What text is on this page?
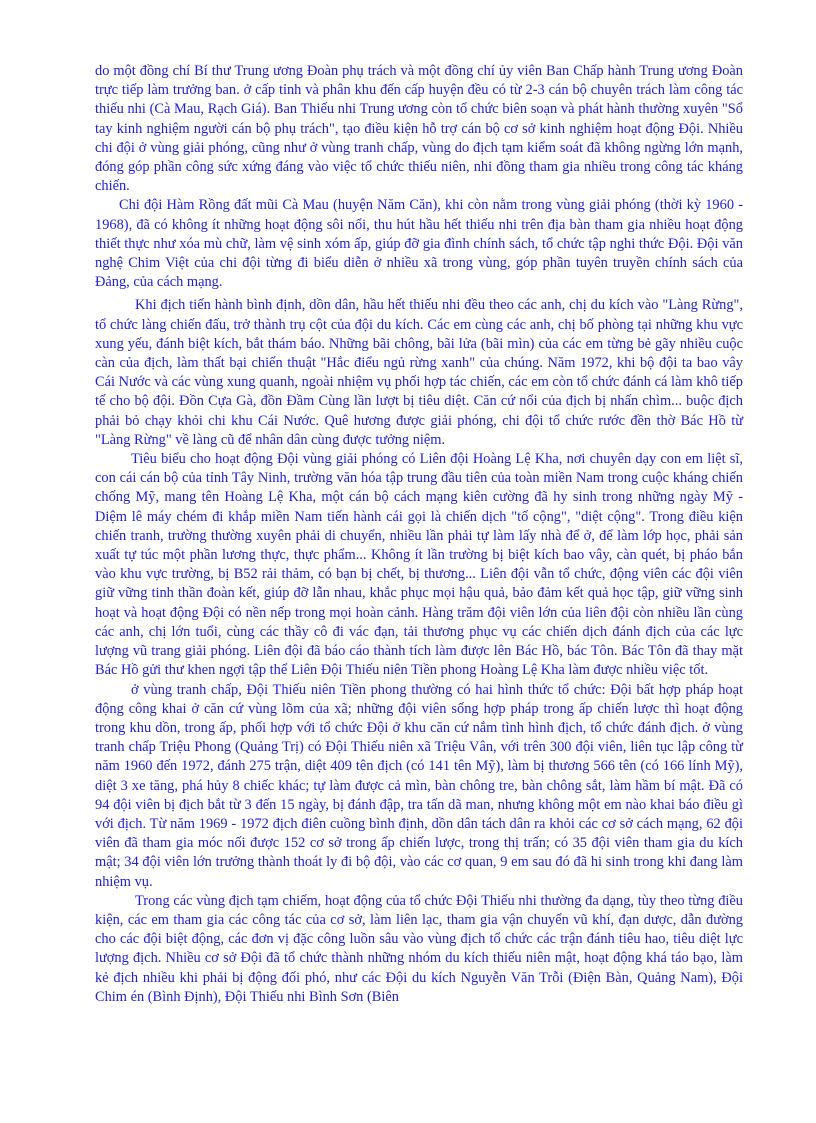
do một đồng chí Bí thư Trung ương Đoàn phụ trách và một đồng chí ủy viên Ban Chấp hành Trung ương Đoàn trực tiếp làm trưởng ban. ở cấp tỉnh và phân khu đến cấp huyện đều có từ 2-3 cán bộ chuyên trách làm công tác thiếu nhi (Cà Mau, Rạch Giá). Ban Thiếu nhi Trung ương còn tổ chức biên soạn và phát hành thường xuyên "Sổ tay kinh nghiệm người cán bộ phụ trách", tạo điều kiện hỗ trợ cán bộ cơ sở kinh nghiệm hoạt động Đội. Nhiều chi đội ở vùng giải phóng, cũng như ở vùng tranh chấp, vùng do địch tạm kiểm soát đã không ngừng lớn mạnh, đóng góp phần công sức xứng đáng vào việc tổ chức thiếu niên, nhi đồng tham gia nhiều trong công tác kháng chiến.

Chi đội Hàm Rồng đất mũi Cà Mau (huyện Năm Căn), khi còn nằm trong vùng giải phóng (thời kỳ 1960 - 1968), đã có không ít những hoạt động sôi nổi, thu hút hầu hết thiếu nhi trên địa bàn tham gia nhiều hoạt động thiết thực như xóa mù chữ, làm vệ sinh xóm ấp, giúp đỡ gia đình chính sách, tổ chức tập nghi thức Đội. Đội văn nghệ Chim Việt của chi đội từng đi biểu diễn ở nhiều xã trong vùng, góp phần tuyên truyền chính sách của Đảng, của cách mạng.

Khi địch tiến hành bình định, dồn dân, hầu hết thiếu nhi đều theo các anh, chị du kích vào "Làng Rừng", tổ chức làng chiến đấu, trở thành trụ cột của đội du kích. Các em cùng các anh, chị bố phòng tại những khu vực xung yếu, đánh biệt kích, bắt thám báo. Những bãi chông, bãi lửa (bãi mìn) của các em từng bẻ gãy nhiều cuộc càn của địch, làm thất bại chiến thuật "Hắc điểu ngủ rừng xanh" của chúng. Năm 1972, khi bộ đội ta bao vây Cái Nước và các vùng xung quanh, ngoài nhiệm vụ phối hợp tác chiến, các em còn tổ chức đánh cá làm khô tiếp tế cho bộ đội. Đồn Cựa Gà, đồn Đầm Cùng lần lượt bị tiêu diệt. Căn cứ nổi của địch bị nhấn chìm... buộc địch phải bỏ chạy khỏi chi khu Cái Nước. Quê hương được giải phóng, chi đội tổ chức rước đền thờ Bác Hồ từ "Làng Rừng" về làng cũ để nhân dân cùng được tưởng niệm.

Tiêu biểu cho hoạt động Đội vùng giải phóng có Liên đội Hoàng Lệ Kha, nơi chuyên dạy con em liệt sĩ, con cái cán bộ của tỉnh Tây Ninh, trường văn hóa tập trung đầu tiên của toàn miền Nam trong cuộc kháng chiến chống Mỹ, mang tên Hoàng Lệ Kha, một cán bộ cách mạng kiên cường đã hy sinh trong những ngày Mỹ - Diệm lê máy chém đi khắp miền Nam tiến hành cái gọi là chiến dịch "tố cộng", "diệt cộng". Trong điều kiện chiến tranh, trường thường xuyên phải di chuyển, nhiều lần phải tự làm lấy nhà để ở, để làm lớp học, phải sản xuất tự túc một phần lương thực, thực phẩm... Không ít lần trường bị biệt kích bao vây, càn quét, bị pháo bắn vào khu vực trường, bị B52 rải thảm, có bạn bị chết, bị thương... Liên đội vẫn tổ chức, động viên các đội viên giữ vững tinh thần đoàn kết, giúp đỡ lẫn nhau, khắc phục mọi hậu quả, bảo đảm kết quả học tập, giữ vững sinh hoạt và hoạt động Đội có nền nếp trong mọi hoàn cảnh. Hàng trăm đội viên lớn của liên đội còn nhiều lần cùng các anh, chị lớn tuổi, cùng các thầy cô đi vác đạn, tải thương phục vụ các chiến dịch đánh địch của các lực lượng vũ trang giải phóng. Liên đội đã báo cáo thành tích làm được lên Bác Hồ, bác Tôn. Bác Tôn đã thay mặt Bác Hồ gửi thư khen ngợi tập thể Liên Đội Thiếu niên Tiền phong Hoàng Lệ Kha làm được nhiều việc tốt.

ở vùng tranh chấp, Đội Thiếu niên Tiền phong thường có hai hình thức tổ chức: Đội bất hợp pháp hoạt động công khai ở căn cứ vùng lõm của xã; những đội viên sống hợp pháp trong ấp chiến lược thì hoạt động trong khu dồn, trong ấp, phối hợp với tổ chức Đội ở khu căn cứ nắm tình hình địch, tổ chức đánh địch. ở vùng tranh chấp Triệu Phong (Quảng Trị) có Đội Thiếu niên xã Triệu Vân, với trên 300 đội viên, liên tục lập công từ năm 1960 đến 1972, đánh 275 trận, diệt 409 tên địch (có 141 tên Mỹ), làm bị thương 566 tên (có 166 lính Mỹ), diệt 3 xe tăng, phá hủy 8 chiếc khác; tự làm được cả mìn, bàn chông tre, bàn chông sắt, làm hầm bí mật. Đã có 94 đội viên bị địch bắt từ 3 đến 15 ngày, bị đánh đập, tra tấn dã man, nhưng không một em nào khai báo điều gì với địch. Từ năm 1969 - 1972 địch điên cuồng bình định, dồn dân tách dân ra khỏi các cơ sở cách mạng, 62 đội viên đã tham gia móc nối được 152 cơ sở trong ấp chiến lược, trong thị trấn; có 35 đội viên tham gia du kích mật; 34 đội viên lớn trưởng thành thoát ly đi bộ đội, vào các cơ quan, 9 em sau đó đã hi sinh trong khi đang làm nhiệm vụ.

Trong các vùng địch tạm chiếm, hoạt động của tổ chức Đội Thiếu nhi thường đa dạng, tùy theo từng điều kiện, các em tham gia các công tác của cơ sở, làm liên lạc, tham gia vận chuyển vũ khí, đạn dược, dẫn đường cho các đội biệt động, các đơn vị đặc công luồn sâu vào vùng địch tổ chức các trận đánh tiêu hao, tiêu diệt lực lượng địch. Nhiều cơ sở Đội đã tổ chức thành những nhóm du kích thiếu niên mật, hoạt động khá táo bạo, làm kẻ địch nhiều khi phải bị động đối phó, như các Đội du kích Nguyễn Văn Trỗi (Điện Bàn, Quảng Nam), Đội Chim én (Bình Định), Đội Thiếu nhi Bình Sơn (Biên
